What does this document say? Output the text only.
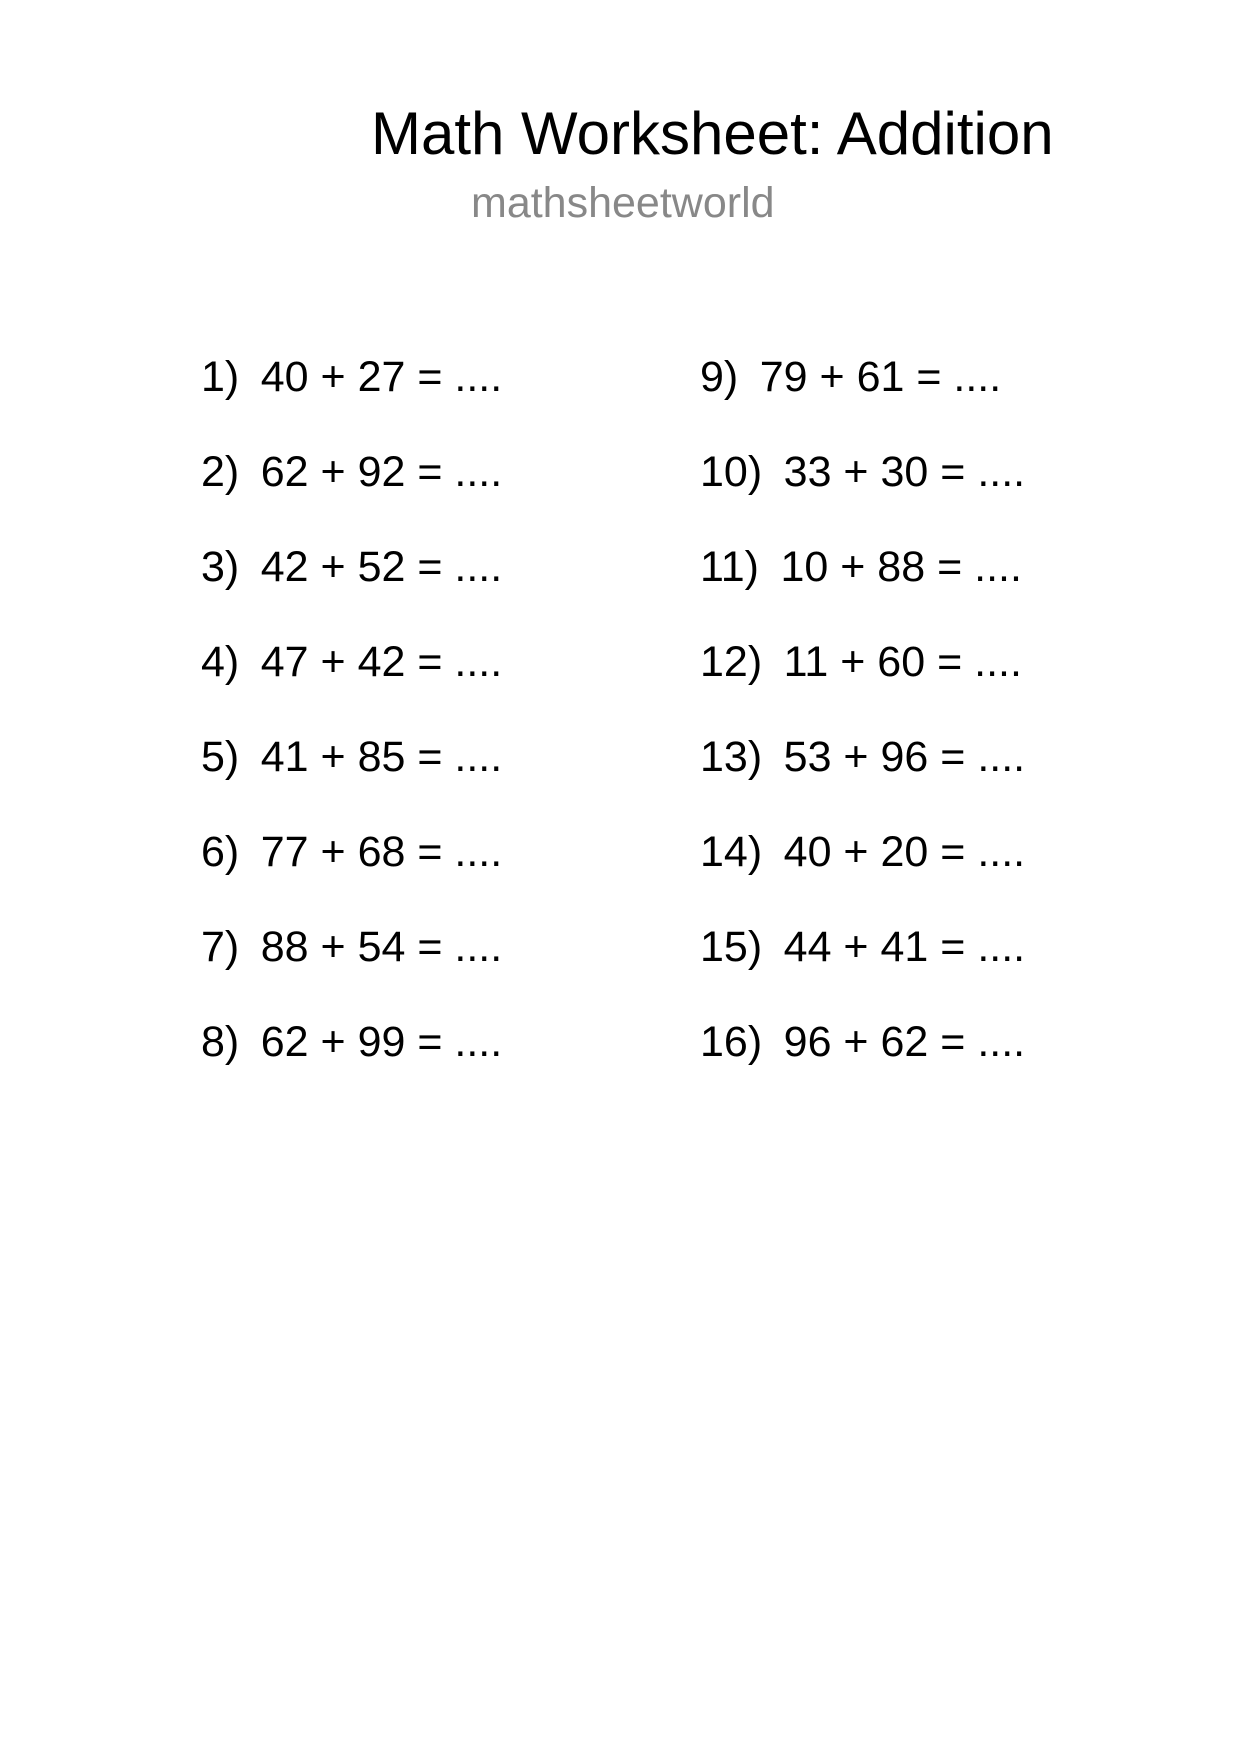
Math Worksheet: Addition
mathsheetworld
1) 40 + 27 = ....
2) 62 + 92 = ....
3) 42 + 52 = ....
4) 47 + 42 = ....
5) 41 + 85 = ....
6) 77 + 68 = ....
7) 88 + 54 = ....
8) 62 + 99 = ....
9) 79 + 61 = ....
10) 33 + 30 = ....
11) 10 + 88 = ....
12) 11 + 60 = ....
13) 53 + 96 = ....
14) 40 + 20 = ....
15) 44 + 41 = ....
16) 96 + 62 = ....
